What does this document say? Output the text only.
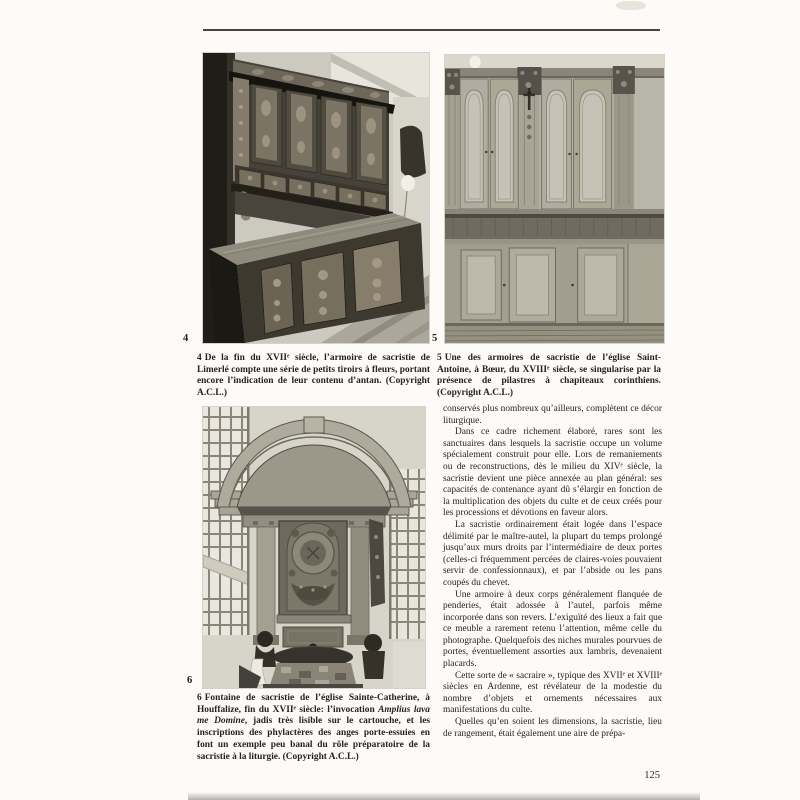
4	5
6
4 De la fin du XVIIᵉ siècle, l’armoire de sacristie de Limerlé compte une série de petits tiroirs à fleurs, portant encore l’indication de leur contenu d’antan. (Copyright A.C.L.)
5 Une des armoires de sacristie de l’église Saint-Antoine, à Bœur, du XVIIIᵉ siècle, se singularise par la présence de pilastres à chapiteaux corinthiens. (Copyright A.C.L.)
6 Fontaine de sacristie de l’église Sainte-Catherine, à Houffalize, fin du XVIIᵉ siècle: l’invocation Amplius lava me Domine, jadis très lisible sur le cartouche, et les inscriptions des phylactères des anges porte-essuies en font un exemple peu banal du rôle préparatoire de la sacristie à la liturgie. (Copyright A.C.L.)

conservés plus nombreux qu’ailleurs, complètent ce décor liturgique.

Dans ce cadre richement élaboré, rares sont les sanctuaires dans lesquels la sacristie occupe un volume spécialement construit pour elle. Lors de remaniements ou de reconstructions, dès le milieu du XIVᵉ siècle, la sacristie devient une pièce annexée au plan général: ses capacités de contenance ayant dû s’élargir en fonction de la multiplication des objets du culte et de ceux créés pour les processions et dévotions en faveur alors.

La sacristie ordinairement était logée dans l’espace délimité par le maître-autel, la plupart du temps prolongé jusqu’aux murs droits par l’intermédiaire de deux portes (celles-ci fréquemment percées de claires-voies pouvaient servir de confessionnaux), et par l’abside ou les pans coupés du chevet.

Une armoire à deux corps généralement flanquée de penderies, était adossée à l’autel, parfois même incorporée dans son revers. L’exiguïté des lieux a fait que ce meuble a rarement retenu l’attention, même celle du photographe. Quelquefois des niches murales pourvues de portes, éventuellement assorties aux lambris, devenaient placards.

Cette sorte de « sacraire », typique des XVIIᵉ et XVIIIᵉ siècles en Ardenne, est révélateur de la modestie du nombre d’objets et ornements nécessaires aux manifestations du culte.

Quelles qu’en soient les dimensions, la sacristie, lieu de rangement, était également une aire de prépa-

125
